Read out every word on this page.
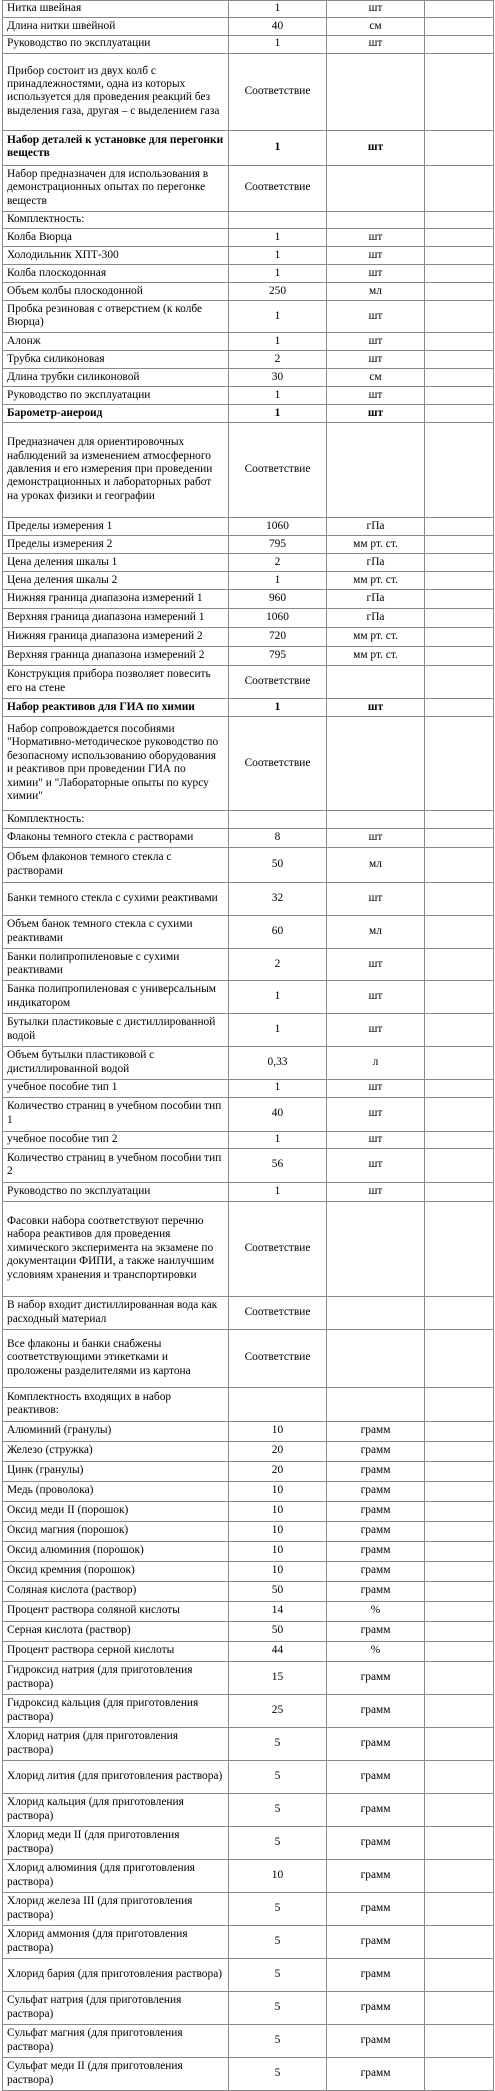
Нитка швейная	1	шт	
Длина нитки швейной	40	см	
Руководство по эксплуатации	1	шт	
Прибор состоит из двух колб с принадлежностями, одна из которых используется для проведения реакций без выделения газа, другая – с выделением газа	Соответствие		
Набор деталей к установке для перегонки веществ	1	шт	
Набор предназначен для использования в демонстрационных опытах по перегонке веществ	Соответствие		
Комплектность:			
Колба Вюрца	1	шт	
Холодильник ХПТ-300	1	шт	
Колба плоскодонная	1	шт	
Объем колбы плоскодонной	250	мл	
Пробка резиновая с отверстием (к колбе Вюрца)	1	шт	
Алонж	1	шт	
Трубка силиконовая	2	шт	
Длина трубки силиконовой	30	см	
Руководство по эксплуатации	1	шт	
Барометр-анероид	1	шт	
Предназначен для ориентировочных наблюдений за изменением атмосферного давления и его измерения при проведении демонстрационных и лабораторных работ на уроках физики и географии	Соответствие		
Пределы измерения 1	1060	гПа	
Пределы измерения 2	795	мм рт. ст.	
Цена деления шкалы 1	2	гПа	
Цена деления шкалы 2	1	мм рт. ст.	
Нижняя граница диапазона измерений 1	960	гПа	
Верхняя граница диапазона измерений 1	1060	гПа	
Нижняя граница диапазона измерений 2	720	мм рт. ст.	
Верхняя граница диапазона измерений 2	795	мм рт. ст.	
Конструкция прибора позволяет повесить его на стене	Соответствие		
Набор реактивов для ГИА по химии	1	шт	
Набор сопровождается пособиями "Нормативно-методическое руководство по безопасному использованию оборудования и реактивов при проведении ГИА по химии" и "Лабораторные опыты по курсу химии"	Соответствие		
Комплектность:			
Флаконы темного стекла с растворами	8	шт	
Объем флаконов темного стекла с растворами	50	мл	
Банки темного стекла с сухими реактивами	32	шт	
Объем банок темного стекла с сухими реактивами	60	мл	
Банки полипропиленовые с сухими реактивами	2	шт	
Банка полипропиленовая с универсальным индикатором	1	шт	
Бутылки пластиковые с дистиллированной водой	1	шт	
Объем бутылки пластиковой с дистиллированной водой	0,33	л	
учебное пособие тип 1	1	шт	
Количество страниц в учебном пособии тип 1	40	шт	
учебное пособие тип 2	1	шт	
Количество страниц в учебном пособии тип 2	56	шт	
Руководство по эксплуатации	1	шт	
Фасовки набора соответствуют перечню набора реактивов для проведения химического эксперимента на экзамене по документации ФИПИ, а также наилучшим условиям хранения и транспортировки	Соответствие		
В набор входит дистиллированная вода как расходный материал	Соответствие		
Все флаконы и банки снабжены соответствующими этикетками и проложены разделителями из картона	Соответствие		
Комплектность входящих в набор реактивов:			
Алюминий (гранулы)	10	грамм	
Железо (стружка)	20	грамм	
Цинк (гранулы)	20	грамм	
Медь (проволока)	10	грамм	
Оксид меди II (порошок)	10	грамм	
Оксид магния (порошок)	10	грамм	
Оксид алюминия (порошок)	10	грамм	
Оксид кремния (порошок)	10	грамм	
Соляная кислота (раствор)	50	грамм	
Процент раствора соляной кислоты	14	%	
Серная кислота (раствор)	50	грамм	
Процент раствора серной кислоты	44	%	
Гидроксид натрия (для приготовления раствора)	15	грамм	
Гидроксид кальция (для приготовления раствора)	25	грамм	
Хлорид натрия (для приготовления раствора)	5	грамм	
Хлорид лития (для приготовления раствора)	5	грамм	
Хлорид кальция (для приготовления раствора)	5	грамм	
Хлорид меди II (для приготовления раствора)	5	грамм	
Хлорид алюминия (для приготовления раствора)	10	грамм	
Хлорид железа III (для приготовления раствора)	5	грамм	
Хлорид аммония (для приготовления раствора)	5	грамм	
Хлорид бария (для приготовления раствора)	5	грамм	
Сульфат натрия (для приготовления раствора)	5	грамм	
Сульфат магния (для приготовления раствора)	5	грамм	
Сульфат меди II (для приготовления раствора)	5	грамм	
